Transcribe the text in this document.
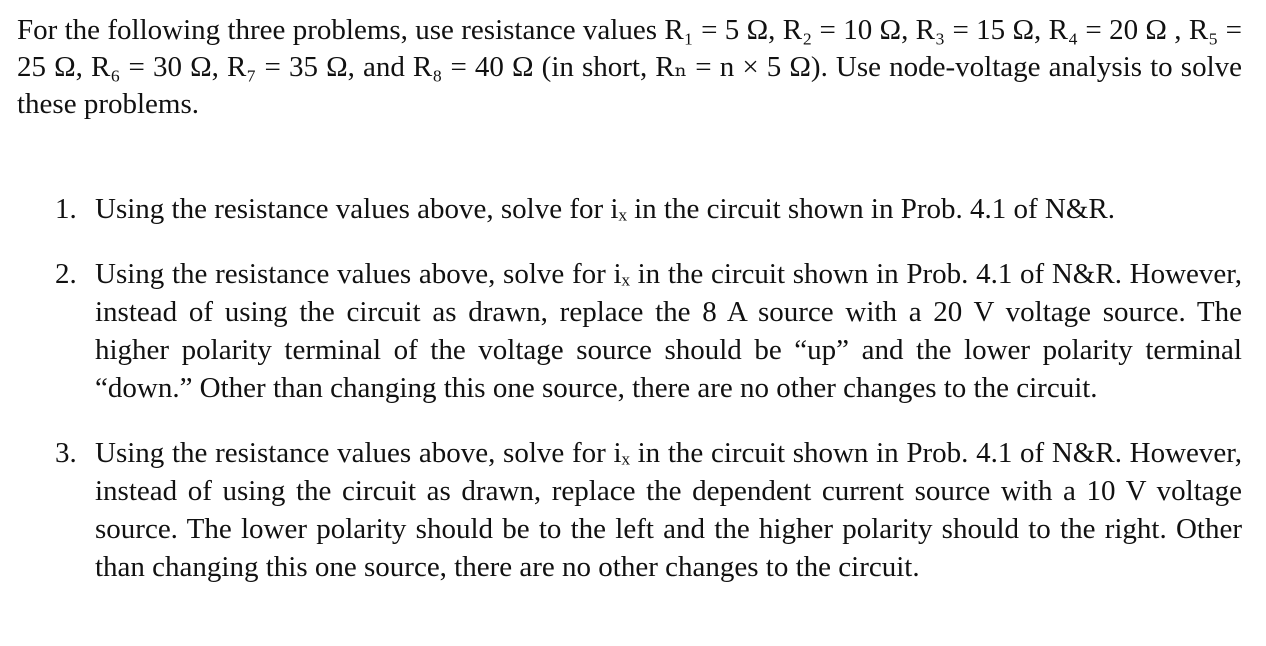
For the following three problems, use resistance values R₁ = 5 Ω, R₂ = 10 Ω, R₃ = 15 Ω, R₄ = 20 Ω , R₅ = 25 Ω, R₆ = 30 Ω, R₇ = 35 Ω, and R₈ = 40 Ω (in short, Rₙ = n × 5 Ω). Use node-voltage analysis to solve these problems.

1. Using the resistance values above, solve for iₓ in the circuit shown in Prob. 4.1 of N&R.
2. Using the resistance values above, solve for iₓ in the circuit shown in Prob. 4.1 of N&R. However, instead of using the circuit as drawn, replace the 8 A source with a 20 V voltage source. The higher polarity terminal of the voltage source should be “up” and the lower polarity terminal “down.” Other than changing this one source, there are no other changes to the circuit.
3. Using the resistance values above, solve for iₓ in the circuit shown in Prob. 4.1 of N&R. However, instead of using the circuit as drawn, replace the dependent current source with a 10 V voltage source. The lower polarity should be to the left and the higher polarity should to the right. Other than changing this one source, there are no other changes to the circuit.
